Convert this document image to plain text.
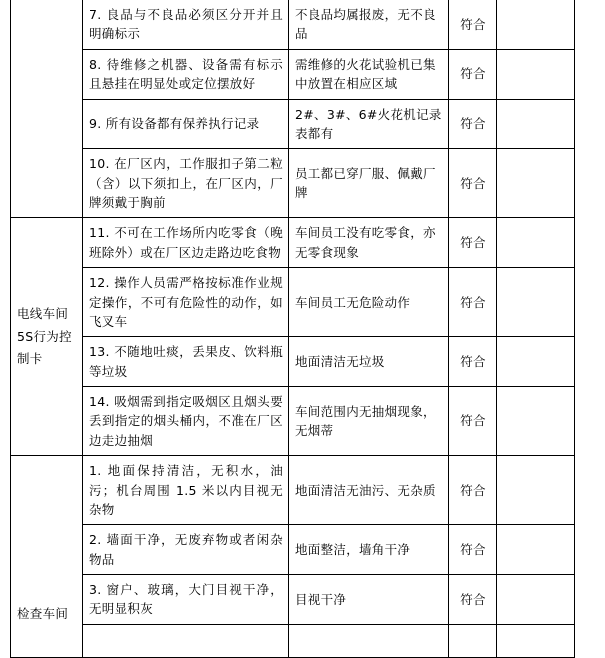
	7. 良品与不良品必须区分开并且明确标示	不良品均属报废，无不良品	符合	
	8. 待维修之机器、设备需有标示且悬挂在明显处或定位摆放好	需维修的火花试验机已集中放置在相应区域	符合	
	9. 所有设备都有保养执行记录	2#、3#、6#火花机记录表都有	符合	
	10. 在厂区内，工作服扣子第二粒（含）以下须扣上，在厂区内，厂牌须戴于胸前	员工都已穿厂服、佩戴厂牌	符合	

电线车间5S行为控制卡	11. 不可在工作场所内吃零食（晚班除外）或在厂区边走路边吃食物	车间员工没有吃零食，亦无零食现象	符合	
	12. 操作人员需严格按标准作业规定操作，不可有危险性的动作，如飞叉车	车间员工无危险动作	符合	
	13. 不随地吐痰，丢果皮、饮料瓶等垃圾	地面清洁无垃圾	符合	
	14. 吸烟需到指定吸烟区且烟头要丢到指定的烟头桶内，不准在厂区边走边抽烟	车间范围内无抽烟现象，无烟蒂	符合	

检查车间	1. 地面保持清洁，无积水，油污；机台周围 1.5 米以内目视无杂物	地面清洁无油污、无杂质	符合	
	2. 墙面干净，无废弃物或者闲杂物品	地面整洁，墙角干净	符合	
	3. 窗户、玻璃，大门目视干净，无明显积灰	目视干净	符合	
